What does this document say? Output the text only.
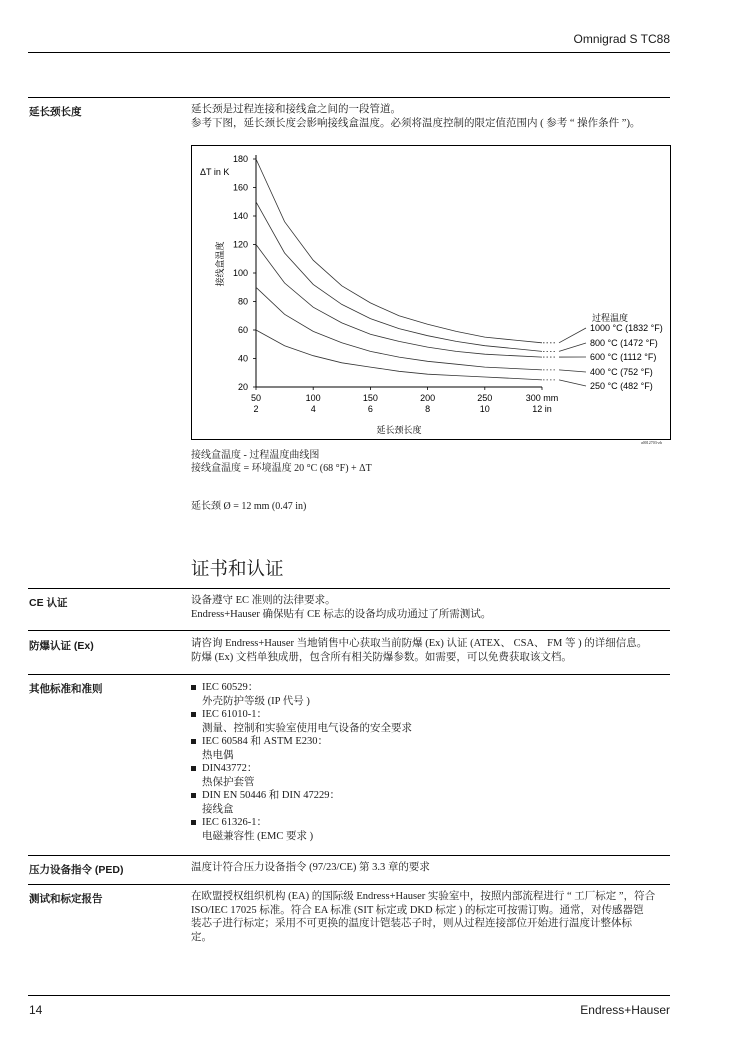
Omnigrad S TC88
延长颈长度	延长颈是过程连接和接线盒之间的一段管道。

参考下图，延长颈长度会影响接线盒温度。必须将温度控制的限定值范围内 ( 参考 “ 操作条件 ”)。

180
160
140
120
100
80
60
40
20
50
2
100
4
150
6
200
8
250
10
300 mm
12 in
ΔT in K
接线盒温度
延长颈长度
过程温度
1000 °C (1832 °F)
800 °C (1472 °F)
600 °C (1112 °F)
400 °C (752 °F)
250 °C (482 °F)
a0012703-zh
接线盒温度 - 过程温度曲线图
接线盒温度 = 环境温度 20 °C (68 °F) + ΔT
延长颈 Ø = 12 mm (0.47 in)
证书和认证
CE 认证	设备遵守 EC 准则的法律要求。

Endress+Hauser 确保贴有 CE 标志的设备均成功通过了所需测试。

防爆认证 (Ex)	请咨询 Endress+Hauser 当地销售中心获取当前防爆 (Ex) 认证 (ATEX、 CSA、 FM 等 ) 的详细信息。

防爆 (Ex) 文档单独成册，包含所有相关防爆参数。如需要，可以免费获取该文档。

其他标准和准则	IEC 60529：
外壳防护等级 (IP 代号 )
IEC 61010-1：
测量、控制和实验室使用电气设备的安全要求
IEC 60584 和 ASTM E230：
热电偶
DIN43772：
热保护套管
DIN EN 50446 和 DIN 47229：
接线盒
IEC 61326-1：
电磁兼容性 (EMC 要求 )
压力设备指令 (PED)	温度计符合压力设备指令 (97/23/CE) 第 3.3 章的要求

测试和标定报告	在欧盟授权组织机构 (EA) 的国际级 Endress+Hauser 实验室中，按照内部流程进行 “ 工厂标定 ”，符合

ISO/IEC 17025 标准。符合 EA 标准 (SIT 标定或 DKD 标定 ) 的标定可按需订购。通常，对传感器铠

装芯子进行标定；采用不可更换的温度计铠装芯子时，则从过程连接部位开始进行温度计整体标

定。

14	Endress+Hauser
